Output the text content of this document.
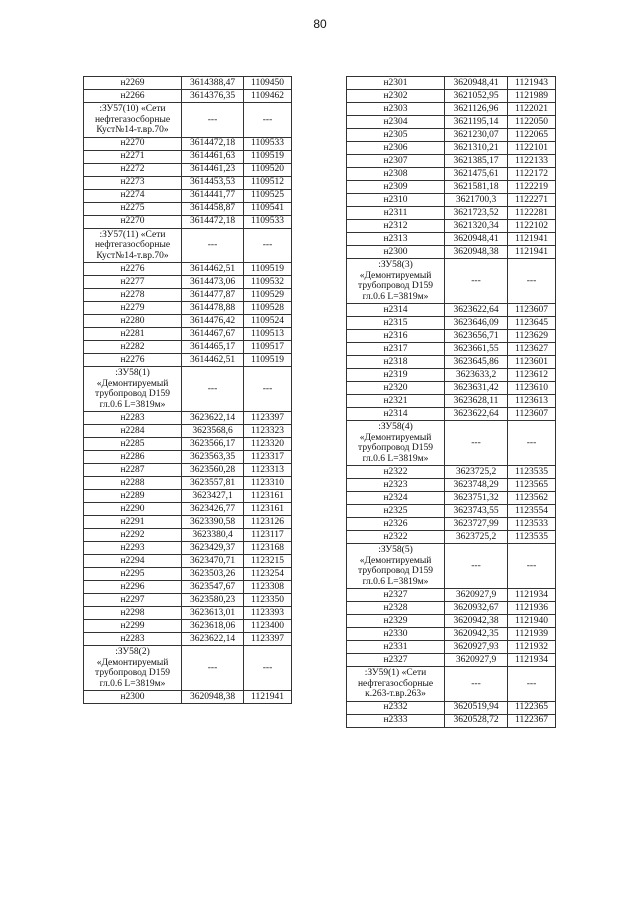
80
н2269	3614388,47	1109450
н2266	3614376,35	1109462
:ЗУ57(10) «Сети нефтегазосборные Куст№14-т.вр.70»	---	---
н2270	3614472,18	1109533
н2271	3614461,63	1109519
н2272	3614461,23	1109520
н2273	3614453,53	1109512
н2274	3614441,77	1109525
н2275	3614458,87	1109541
н2270	3614472,18	1109533
:ЗУ57(11) «Сети нефтегазосборные Куст№14-т.вр.70»	---	---
н2276	3614462,51	1109519
н2277	3614473,06	1109532
н2278	3614477,87	1109529
н2279	3614478,88	1109528
н2280	3614476,42	1109524
н2281	3614467,67	1109513
н2282	3614465,17	1109517
н2276	3614462,51	1109519
:ЗУ58(1) «Демонтируемый трубопровод D159 гл.0.6 L=3819м»	---	---
н2283	3623622,14	1123397
н2284	3623568,6	1123323
н2285	3623566,17	1123320
н2286	3623563,35	1123317
н2287	3623560,28	1123313
н2288	3623557,81	1123310
н2289	3623427,1	1123161
н2290	3623426,77	1123161
н2291	3623390,58	1123126
н2292	3623380,4	1123117
н2293	3623429,37	1123168
н2294	3623470,71	1123215
н2295	3623503,26	1123254
н2296	3623547,67	1123308
н2297	3623580,23	1123350
н2298	3623613,01	1123393
н2299	3623618,06	1123400
н2283	3623622,14	1123397
:ЗУ58(2) «Демонтируемый трубопровод D159 гл.0.6 L=3819м»	---	---
н2300	3620948,38	1121941
н2301	3620948,41	1121943
н2302	3621052,95	1121989
н2303	3621126,96	1122021
н2304	3621195,14	1122050
н2305	3621230,07	1122065
н2306	3621310,21	1122101
н2307	3621385,17	1122133
н2308	3621475,61	1122172
н2309	3621581,18	1122219
н2310	3621700,3	1122271
н2311	3621723,52	1122281
н2312	3621320,34	1122102
н2313	3620948,41	1121941
н2300	3620948,38	1121941
:ЗУ58(3) «Демонтируемый трубопровод D159 гл.0.6 L=3819м»	---	---
н2314	3623622,64	1123607
н2315	3623646,09	1123645
н2316	3623656,71	1123629
н2317	3623661,55	1123627
н2318	3623645,86	1123601
н2319	3623633,2	1123612
н2320	3623631,42	1123610
н2321	3623628,11	1123613
н2314	3623622,64	1123607
:ЗУ58(4) «Демонтируемый трубопровод D159 гл.0.6 L=3819м»	---	---
н2322	3623725,2	1123535
н2323	3623748,29	1123565
н2324	3623751,32	1123562
н2325	3623743,55	1123554
н2326	3623727,99	1123533
н2322	3623725,2	1123535
:ЗУ58(5) «Демонтируемый трубопровод D159 гл.0.6 L=3819м»	---	---
н2327	3620927,9	1121934
н2328	3620932,67	1121936
н2329	3620942,38	1121940
н2330	3620942,35	1121939
н2331	3620927,93	1121932
н2327	3620927,9	1121934
:ЗУ59(1) «Сети нефтегазосборные к.263-т.вр.263»	---	---
н2332	3620519,94	1122365
н2333	3620528,72	1122367
